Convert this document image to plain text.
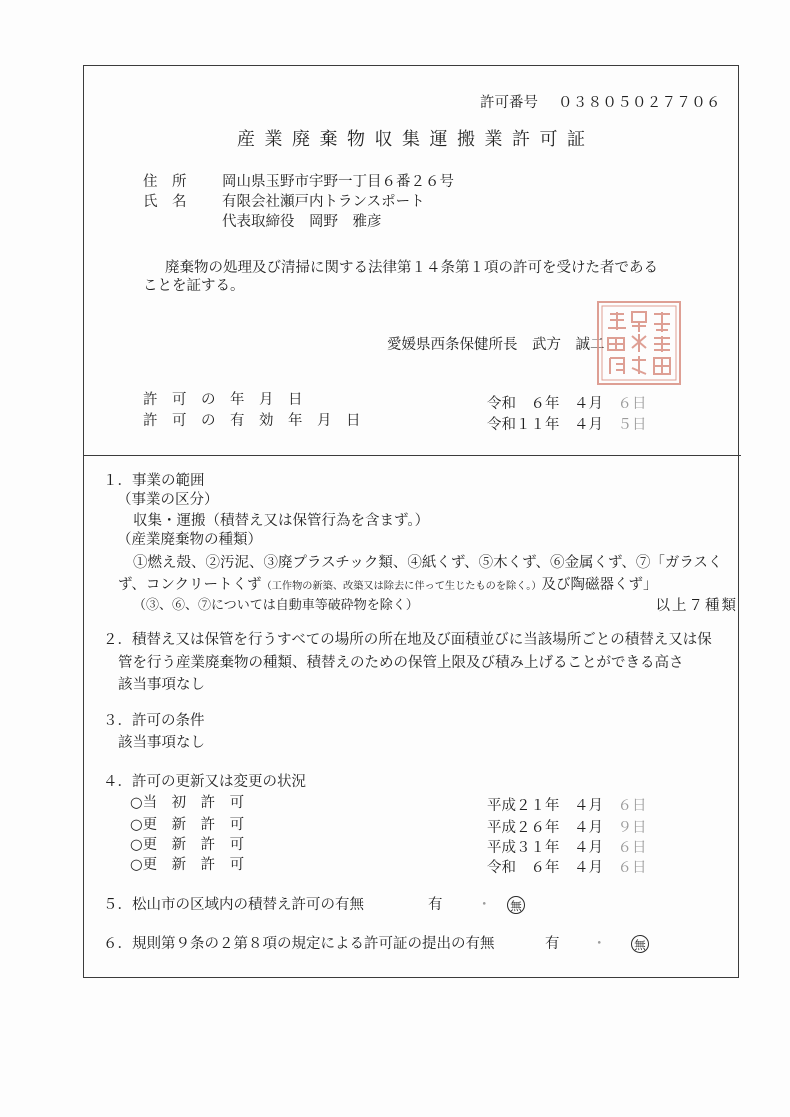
許可番号 ０３８０５０２７７０６
産業廃棄物収集運搬業許可証
住　所 岡山県玉野市宇野一丁目６番２６号
氏　名 有限会社瀬戸内トランスポート
代表取締役　岡野　雅彦
廃棄物の処理及び清掃に関する法律第１４条第１項の許可を受けた者である
ことを証する。
愛媛県西条保健所長　武方　誠二
許　可　の　年　月　日	令和　６年　４月 ６日
許　可　の　有　効　年　月　日	令和１１年　４月 ５日
１．事業の範囲
（事業の区分）
収集・運搬（積替え又は保管行為を含まず。）
（産業廃棄物の種類）
①燃え殻、②汚泥、③廃プラスチック類、④紙くず、⑤木くず、⑥金属くず、⑦「ガラスく
ず、コンクリートくず（工作物の新築、改築又は除去に伴って生じたものを除く。）及び陶磁器くず」
（③、⑥、⑦については自動車等破砕物を除く）	以上７種類
２．積替え又は保管を行うすべての場所の所在地及び面積並びに当該場所ごとの積替え又は保
管を行う産業廃棄物の種類、積替えのための保管上限及び積み上げることができる高さ
該当事項なし
３．許可の条件
該当事項なし
４．許可の更新又は変更の状況
○当　初　許　可	平成２１年　４月 ６日
○更　新　許　可	平成２６年　４月 ９日
○更　新　許　可	平成３１年　４月 ６日
○更　新　許　可	令和　６年　４月 ６日
５．松山市の区域内の積替え許可の有無	有 ・ 無
６．規則第９条の２第８項の規定による許可証の提出の有無	有 ・ 無
